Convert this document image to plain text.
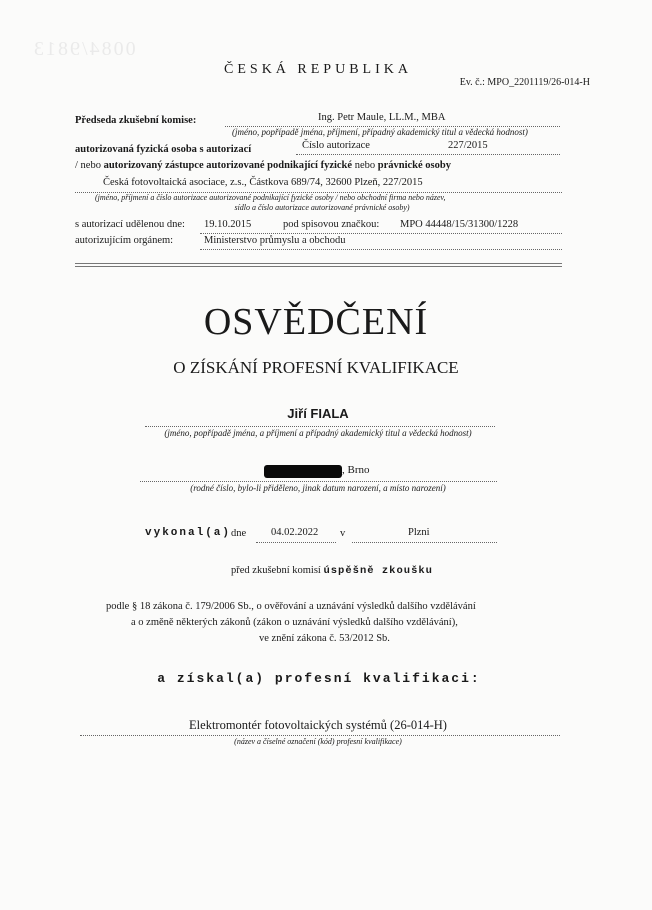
0084/9813
ČESKÁ REPUBLIKA
Ev. č.: MPO_2201119/26-014-H
Předseda zkušební komise:	Ing. Petr Maule, LL.M., MBA
(jméno, popřípadě jména, příjmení, případný akademický titul a vědecká hodnost)
autorizovaná fyzická osoba s autorizací	Číslo autorizace	227/2015
/ nebo autorizovaný zástupce autorizované podnikající fyzické nebo právnické osoby
Česká fotovoltaická asociace, z.s., Částkova 689/74, 32600 Plzeň, 227/2015
(jméno, příjmení a číslo autorizace autorizované podnikající fyzické osoby / nebo obchodní firma nebo název,
sídlo a číslo autorizace autorizované právnické osoby)
s autorizací udělenou dne: 19.10.2015	pod spisovou značkou: MPO 44448/15/31300/1228
autorizujícím orgánem:	Ministerstvo průmyslu a obchodu
OSVĚDČENÍ
O ZÍSKÁNÍ PROFESNÍ KVALIFIKACE
Jiří FIALA
(jméno, popřípadě jména, a příjmení a případný akademický titul a vědecká hodnost)
, Brno
(rodné číslo, bylo-li přiděleno, jinak datum narození, a místo narození)
vykonal(a) dne 04.02.2022 v	Plzni
před zkušební komisí úspěšně zkoušku
podle § 18 zákona č. 179/2006 Sb., o ověřování a uznávání výsledků dalšího vzdělávání
a o změně některých zákonů (zákon o uznávání výsledků dalšího vzdělávání),
ve znění zákona č. 53/2012 Sb.
a získal(a) profesní kvalifikaci:
Elektromontér fotovoltaických systémů (26-014-H)
(název a číselné označení (kód) profesní kvalifikace)
